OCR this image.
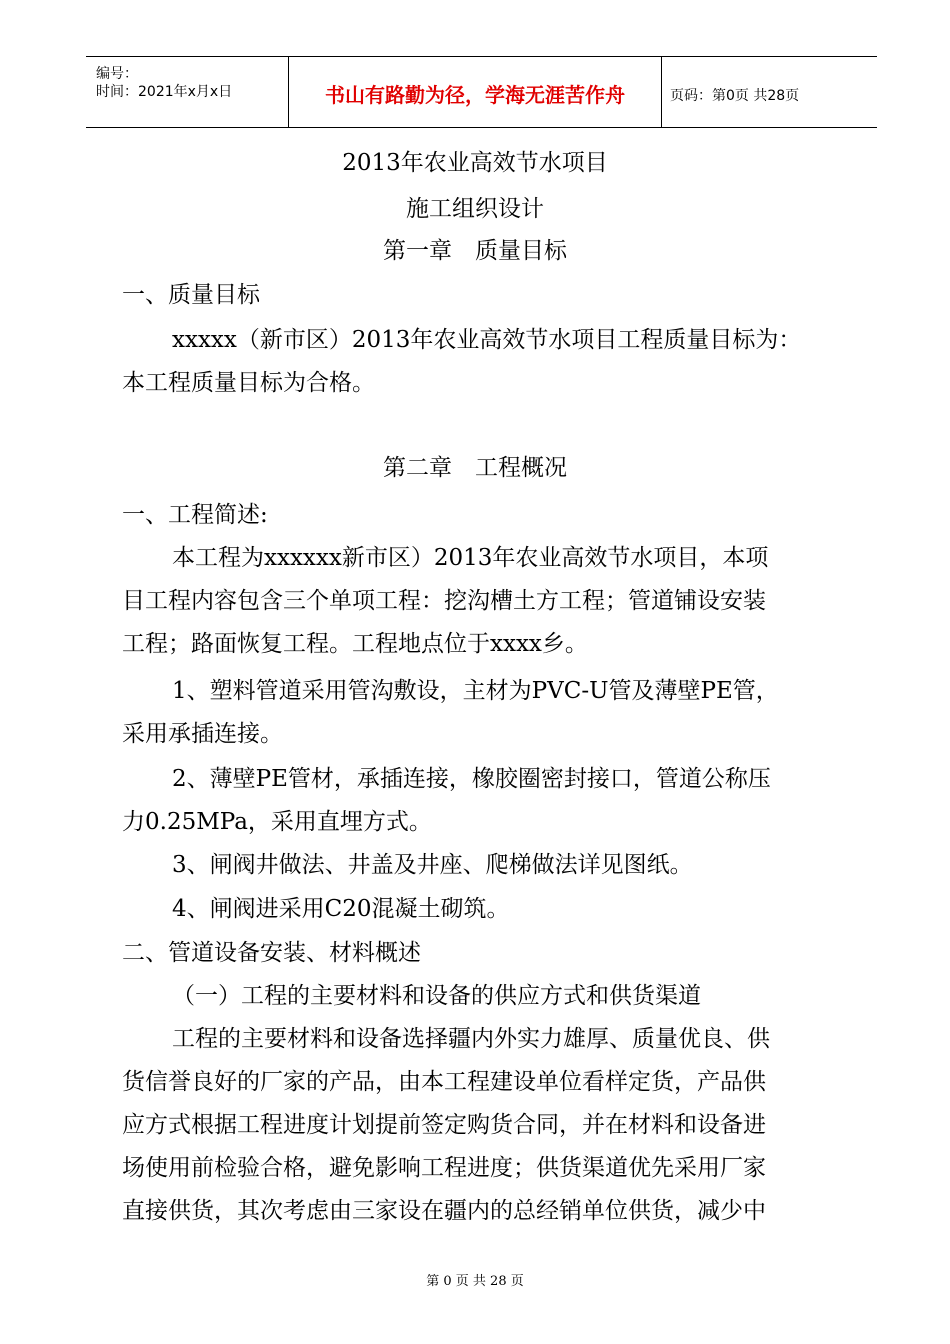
编号：
时间：2021年x月x日	书山有路勤为径，学海无涯苦作舟	页码：第0页 共28页
2013年农业高效节水项目
施工组织设计
第一章　质量目标
一、质量目标
xxxxx（新市区）2013年农业高效节水项目工程质量目标为：
本工程质量目标为合格。
第二章　工程概况
一、工程简述:
本工程为xxxxxx新市区）2013年农业高效节水项目，本项
目工程内容包含三个单项工程：挖沟槽土方工程；管道铺设安装
工程；路面恢复工程。工程地点位于xxxx乡。
1、塑料管道采用管沟敷设，主材为PVC-U管及薄壁PE管，
采用承插连接。
2、薄壁PE管材，承插连接，橡胶圈密封接口，管道公称压
力0.25MPa，采用直埋方式。
3、闸阀井做法、井盖及井座、爬梯做法详见图纸。
4、闸阀进采用C20混凝土砌筑。
二、管道设备安装、材料概述
（一）工程的主要材料和设备的供应方式和供货渠道
工程的主要材料和设备选择疆内外实力雄厚、质量优良、供
货信誉良好的厂家的产品，由本工程建设单位看样定货，产品供
应方式根据工程进度计划提前签定购货合同，并在材料和设备进
场使用前检验合格，避免影响工程进度；供货渠道优先采用厂家
直接供货，其次考虑由三家设在疆内的总经销单位供货，减少中
第 0 页 共 28 页
